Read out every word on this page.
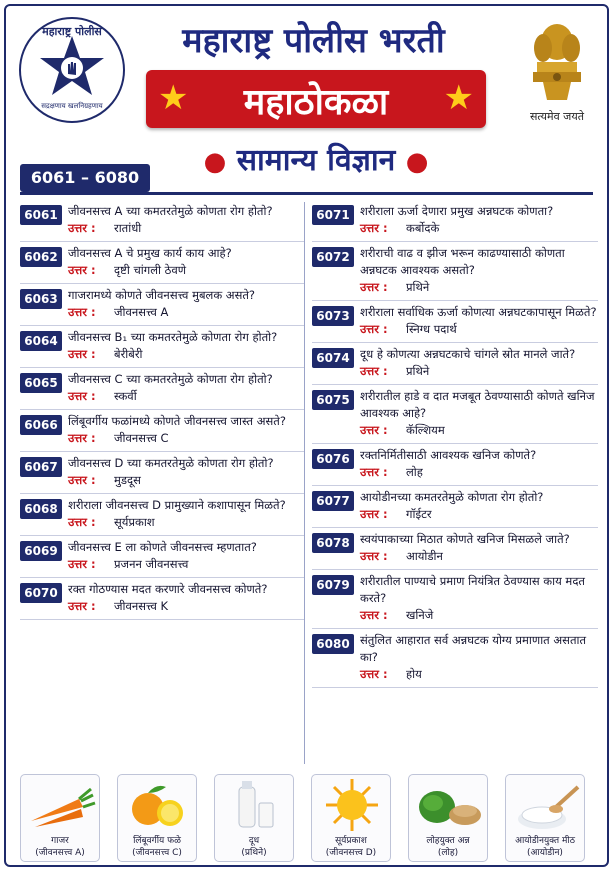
महाराष्ट्र पोलीस
सद्रक्षणाय खलनिग्रहणाय
महाराष्ट्र पोलीस भरती
★	महाठोकळा	★
● सामान्य विज्ञान ●
सत्यमेव जयते
6061 – 6080
6061 जीवनसत्त्व A च्या कमतरतेमुळे कोणता रोग होतो?
उत्तर : रातांधी
6062 जीवनसत्त्व A चे प्रमुख कार्य काय आहे?
उत्तर : दृष्टी चांगली ठेवणे
6063 गाजरामध्ये कोणते जीवनसत्त्व मुबलक असते?
उत्तर : जीवनसत्त्व A
6064 जीवनसत्त्व B₁ च्या कमतरतेमुळे कोणता रोग होतो?
उत्तर : बेरीबेरी
6065 जीवनसत्त्व C च्या कमतरतेमुळे कोणता रोग होतो?
उत्तर : स्कर्वी
6066 लिंबूवर्गीय फळांमध्ये कोणते जीवनसत्त्व जास्त असते?
उत्तर : जीवनसत्त्व C
6067 जीवनसत्त्व D च्या कमतरतेमुळे कोणता रोग होतो?
उत्तर : मुडदूस
6068 शरीराला जीवनसत्त्व D प्रामुख्याने कशापासून मिळते?
उत्तर : सूर्यप्रकाश
6069 जीवनसत्त्व E ला कोणते जीवनसत्त्व म्हणतात?
उत्तर : प्रजनन जीवनसत्त्व
6070 रक्त गोठण्यास मदत करणारे जीवनसत्त्व कोणते?
उत्तर : जीवनसत्त्व K
6071 शरीराला ऊर्जा देणारा प्रमुख अन्नघटक कोणता?
उत्तर : कर्बोदके
6072 शरीराची वाढ व झीज भरून काढण्यासाठी कोणता अन्नघटक आवश्यक असतो?
उत्तर : प्रथिने
6073 शरीराला सर्वाधिक ऊर्जा कोणत्या अन्नघटकापासून मिळते?
उत्तर : स्निग्ध पदार्थ
6074 दूध हे कोणत्या अन्नघटकाचे चांगले स्रोत मानले जाते?
उत्तर : प्रथिने
6075 शरीरातील हाडे व दात मजबूत ठेवण्यासाठी कोणते खनिज आवश्यक आहे?
उत्तर : कॅल्शियम
6076 रक्तनिर्मितीसाठी आवश्यक खनिज कोणते?
उत्तर : लोह
6077 आयोडीनच्या कमतरतेमुळे कोणता रोग होतो?
उत्तर : गॉईटर
6078 स्वयंपाकाच्या मिठात कोणते खनिज मिसळले जाते?
उत्तर : आयोडीन
6079 शरीरातील पाण्याचे प्रमाण नियंत्रित ठेवण्यास काय मदत करते?
उत्तर : खनिजे
6080 संतुलित आहारात सर्व अन्नघटक योग्य प्रमाणात असतात का?
उत्तर : होय
गाजर
(जीवनसत्त्व A)
लिंबूवर्गीय फळे
(जीवनसत्त्व C)
दूध
(प्रथिने)
सूर्यप्रकाश
(जीवनसत्त्व D)
लोहयुक्त अन्न
(लोह)
आयोडीनयुक्त मीठ
(आयोडीन)
